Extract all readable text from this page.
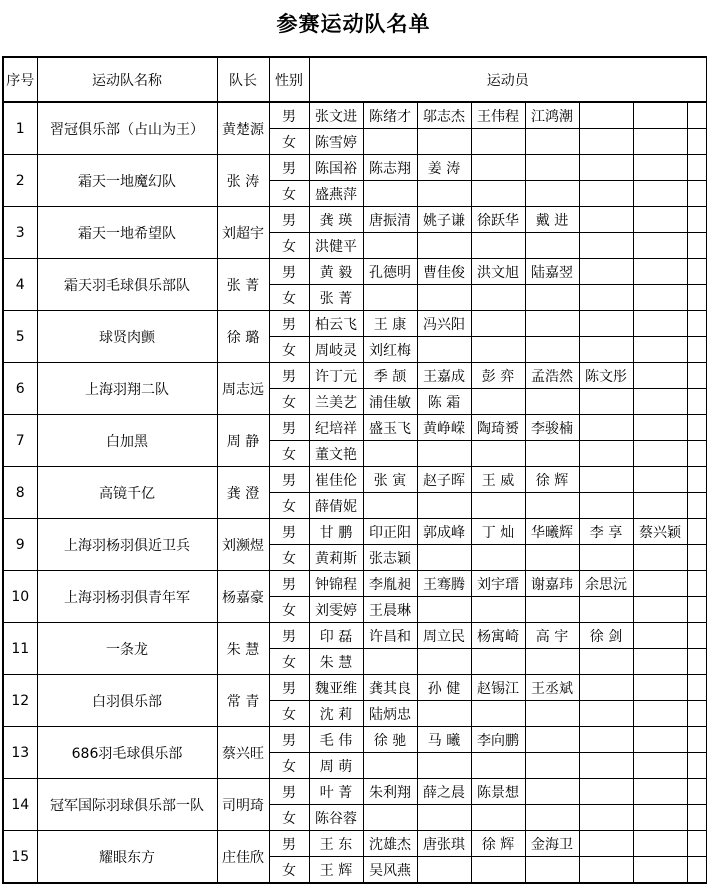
参赛运动队名单
序号	运动队名称	队长	性别	运动员							
1	習冠俱乐部（占山为王）	黄楚源	男	张文进	陈绪才	邬志杰	王伟程	江鸿潮			
			女	陈雪婷							
2	霜天一地魔幻队	张 涛	男	陈国裕	陈志翔	姜 涛					
			女	盛燕萍							
3	霜天一地希望队	刘超宇	男	龚 瑛	唐振清	姚子谦	徐跃华	戴 进			
			女	洪健平							
4	霜天羽毛球俱乐部队	张 菁	男	黄 毅	孔德明	曹佳俊	洪文旭	陆嘉翌			
			女	张 菁							
5	球贤肉颤	徐 璐	男	柏云飞	王 康	冯兴阳					
			女	周岐灵	刘红梅						
6	上海羽翔二队	周志远	男	许丁元	季 颉	王嘉成	彭 弈	孟浩然	陈文彤		
			女	兰美艺	浦佳敏	陈 霜					
7	白加黑	周 静	男	纪培祥	盛玉飞	黄峥嵘	陶琦赟	李骏楠			
			女	董文艳							
8	高镜千亿	龚 澄	男	崔佳伦	张 寅	赵子晖	王 威	徐 辉			
			女	薛倩妮							
9	上海羽杨羽俱近卫兵	刘濒煜	男	甘 鹏	印正阳	郭成峰	丁 灿	华曦辉	李 享	蔡兴颖	
			女	黄莉斯	张志颖						
10	上海羽杨羽俱青年军	杨嘉豪	男	钟锦程	李胤昶	王骞腾	刘宇瑨	谢嘉玮	余思沅		
			女	刘雯婷	王晨琳						
11	一条龙	朱 慧	男	印 磊	许昌和	周立民	杨寓崎	高 宇	徐 剑		
			女	朱 慧							
12	白羽俱乐部	常 青	男	魏亚维	龚其良	孙 健	赵锡江	王丞斌			
			女	沈 莉	陆炳忠						
13	686羽毛球俱乐部	蔡兴旺	男	毛 伟	徐 驰	马 曦	李向鹏				
			女	周 萌							
14	冠军国际羽球俱乐部一队	司明琦	男	叶 菁	朱利翔	薛之晨	陈景想				
			女	陈谷蓉							
15	耀眼东方	庄佳欣	男	王 东	沈雄杰	唐张琪	徐 辉	金海卫			
			女	王 辉	吴风燕						
